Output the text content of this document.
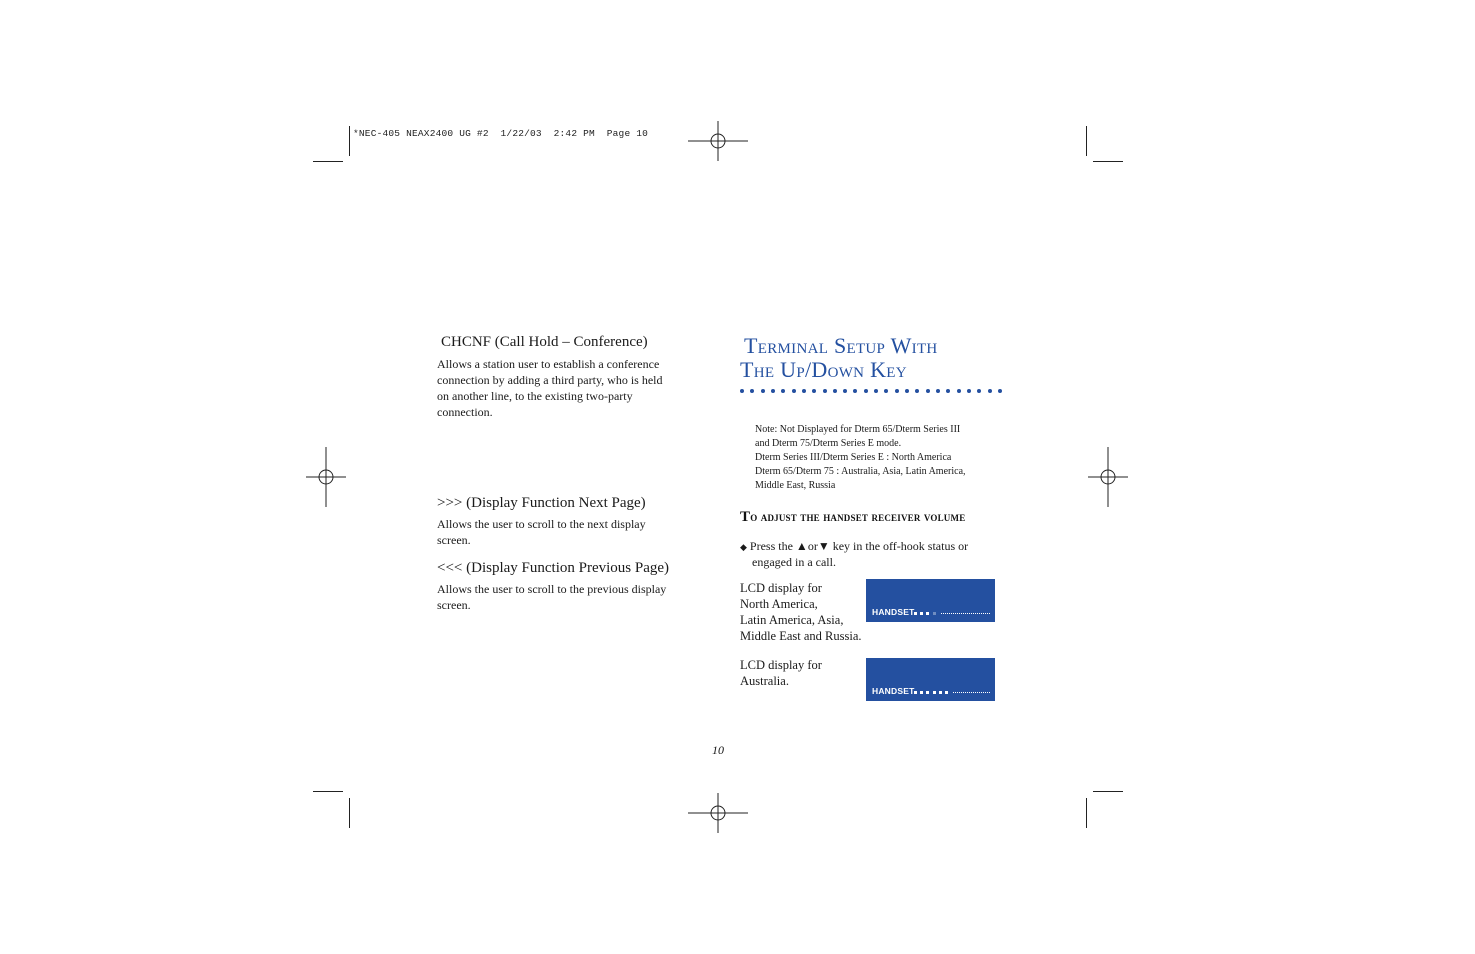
*NEC-405 NEAX2400 UG #2  1/22/03  2:42 PM  Page 10
CHCNF (Call Hold – Conference)
Allows a station user to establish a conference
connection by adding a third party, who is held
on another line, to the existing two-party
connection.
>>> (Display Function Next Page)
Allows the user to scroll to the next display
screen.
<<< (Display Function Previous Page)
Allows the user to scroll to the previous display
screen.
Terminal Setup With
The Up/Down Key
Note: Not Displayed for Dterm 65/Dterm Series III
and Dterm 75/Dterm Series E mode.
Dterm Series III/Dterm Series E : North America
Dterm 65/Dterm 75 : Australia, Asia, Latin America,
Middle East, Russia
To adjust the handset receiver volume
◆ Press the ▲or▼ key in the off-hook status or
engaged in a call.
LCD display for
North America,
Latin America, Asia,
Middle East and Russia.
HANDSET
LCD display for
Australia.
HANDSET
10
